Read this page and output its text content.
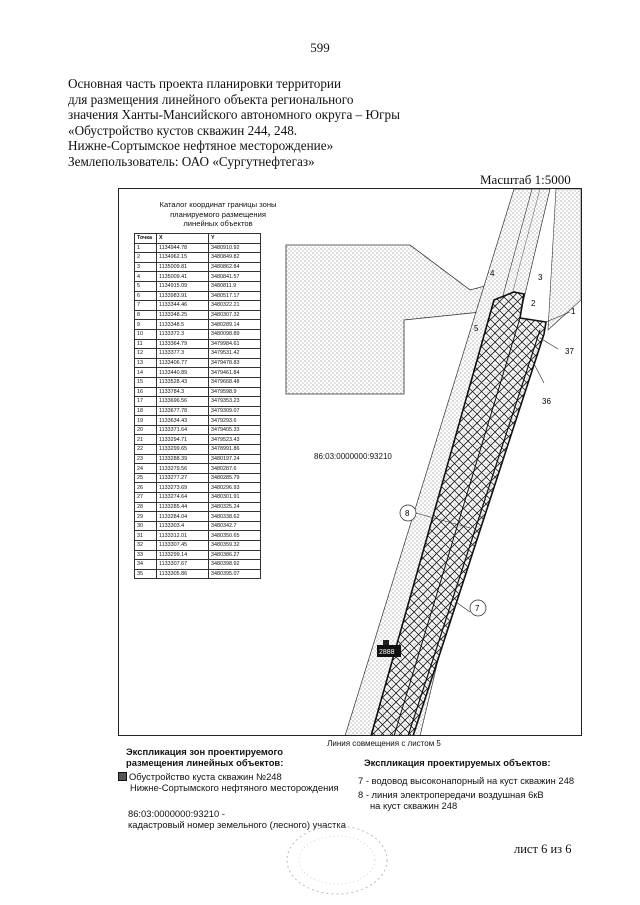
599
Основная часть проекта планировки территории
для размещения линейного объекта регионального
значения Ханты-Мансийского автономного округа – Югры
«Обустройство кустов скважин 244, 248.
Нижне-Сортымское нефтяное месторождение»
Землепользователь: ОАО «Сургутнефтегаз»
Масштаб 1:5000
86:03:0000000:93210
1
2
3
4
5
36
37
8
7
2888
Каталог координат границы зоны
планируемого размещения
линейных объектов
Точка	X	Y
1	1134944.78	3480910.92
2	1134962.15	3480849.82
3	1135009.81	3480862.84
4	1135009.41	3480841.57
5	1134915.09	3480811.9
6	1133983.91	3480517.17
7	1133344.46	3480322.21
8	1133348.25	3480307.32
9	1133348.5	3480289.14
10	1133372.3	3480098.89
11	1133364.79	3479984.61
12	1133377.3	3479531.42
13	1133406.77	3479478.83
14	1133440.89	3479461.84
15	1133528.43	3479668.48
16	1133784.3	3479598.9
17	1133696.56	3479353.23
18	1133677.78	3479309.07
19	1133634.43	3479293.6
20	1133371.64	3479405.33
21	1133294.71	3479523.43
22	1133299.65	3478991.86
23	1133288.39	3480197.24
24	1133279.56	3480287.6
25	1133277.27	3480285.79
26	1133273.69	3480296.93
27	1133274.64	3480301.91
28	1133285.44	3480325.24
29	1133284.04	3480338.62
30	1133303.4	3480342.7
31	1133312.01	3480350.65
32	1133307.45	3480359.32
33	1133299.14	3480386.27
34	1133307.67	3480398.92
35	1133305.86	3480395.07
Линия совмещения с листом 5
Экспликация зон проектируемого
размещения линейных объектов:
Обустройство куста скважин №248
Нижне-Сортымского нефтяного месторождения
86:03:0000000:93210 -
кадастровый номер земельного (лесного) участка
Экспликация проектируемых объектов:
7 - водовод высоконапорный на куст скважин 248
8 - линия электропередачи воздушная 6кВ
на куст скважин 248
лист 6 из 6
